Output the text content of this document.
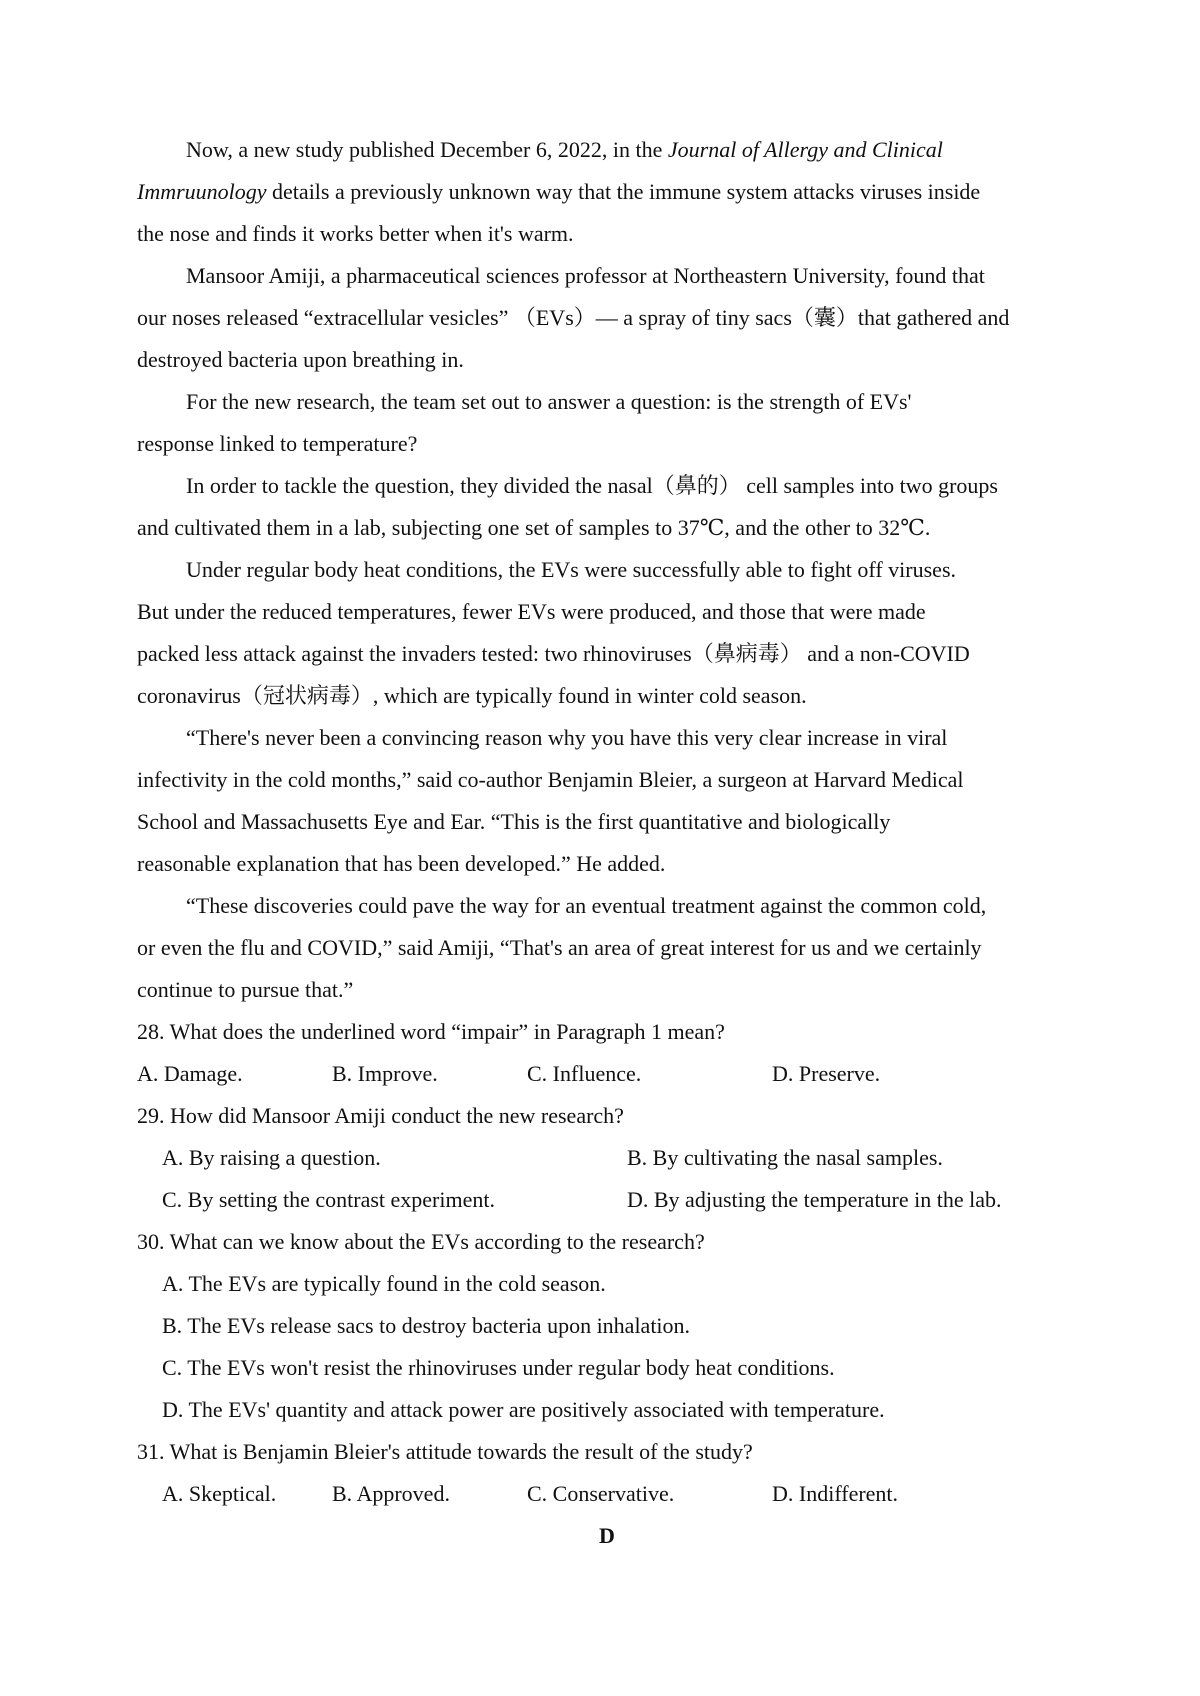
Now, a new study published December 6, 2022, in the Journal of Allergy and Clinical
Immruunology details a previously unknown way that the immune system attacks viruses inside
the nose and finds it works better when it's warm.
Mansoor Amiji, a pharmaceutical sciences professor at Northeastern University, found that
our noses released “extracellular vesicles” （EVs）— a spray of tiny sacs（囊）that gathered and
destroyed bacteria upon breathing in.
For the new research, the team set out to answer a question: is the strength of EVs'
response linked to temperature?
In order to tackle the question, they divided the nasal（鼻的） cell samples into two groups
and cultivated them in a lab, subjecting one set of samples to 37℃, and the other to 32℃.
Under regular body heat conditions, the EVs were successfully able to fight off viruses.
But under the reduced temperatures, fewer EVs were produced, and those that were made
packed less attack against the invaders tested: two rhinoviruses（鼻病毒） and a non-COVID
coronavirus（冠状病毒）, which are typically found in winter cold season.
“There's never been a convincing reason why you have this very clear increase in viral
infectivity in the cold months,” said co-author Benjamin Bleier, a surgeon at Harvard Medical
School and Massachusetts Eye and Ear. “This is the first quantitative and biologically
reasonable explanation that has been developed.” He added.
“These discoveries could pave the way for an eventual treatment against the common cold,
or even the flu and COVID,” said Amiji, “That's an area of great interest for us and we certainly
continue to pursue that.”
28. What does the underlined word “impair” in Paragraph 1 mean?
A. Damage.	B. Improve.	C. Influence.	D. Preserve.
29. How did Mansoor Amiji conduct the new research?
A. By raising a question.	B. By cultivating the nasal samples.
C. By setting the contrast experiment.	D. By adjusting the temperature in the lab.
30. What can we know about the EVs according to the research?
A. The EVs are typically found in the cold season.
B. The EVs release sacs to destroy bacteria upon inhalation.
C. The EVs won't resist the rhinoviruses under regular body heat conditions.
D. The EVs' quantity and attack power are positively associated with temperature.
31. What is Benjamin Bleier's attitude towards the result of the study?
A. Skeptical.	B. Approved.	C. Conservative.	D. Indifferent.
D
